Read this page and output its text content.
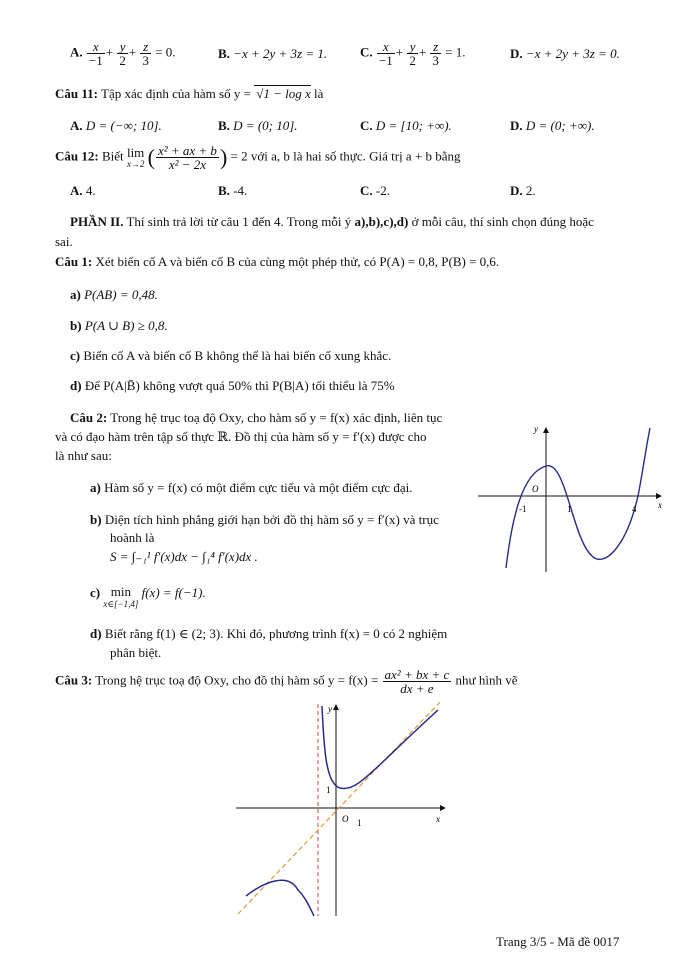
A. $\frac{x}{-1} + \frac{y}{2} + \frac{z}{3} = 0$.	B. −x + 2y + 3z = 1.	C. $\frac{x}{-1} + \frac{y}{2} + \frac{z}{3} = 1$.	D. −x + 2y + 3z = 0.
Câu 11: Tập xác định của hàm số y = √1 − log x là
A. D = (−∞; 10].	B. D = (0; 10].	C. D = [10; +∞).	D. D = (0; +∞).
Câu 12: Biết lim
x→2 ( $\frac{\text{x² + ax + b}}{\text{x² − 2x}}$ ) = 2 với a, b là hai số thực. Giá trị a + b bằng
A. 4.	B. -4.	C. -2.	D. 2.
PHẦN II. Thí sinh trả lời từ câu 1 đến 4. Trong mỗi ý a),b),c),d) ở mỗi câu, thí sinh chọn đúng hoặc
sai.
Câu 1: Xét biến cố A và biến cố B của cùng một phép thử, có P(A) = 0,8, P(B) = 0,6.
a) P(AB) = 0,48.
b) P(A ∪ B) ≥ 0,8.
c) Biến cố A và biến cố B không thể là hai biến cố xung khắc.
d) Để P(A|B̄) không vượt quá 50% thì P(B|A) tối thiểu là 75%
Câu 2: Trong hệ trục toạ độ Oxy, cho hàm số y = f(x) xác định, liên tục
và có đạo hàm trên tập số thực ℝ. Đồ thị của hàm số y = f′(x) được cho
là như sau:
a) Hàm số y = f(x) có một điểm cực tiểu và một điểm cực đại.
b) Diện tích hình phẳng giới hạn bởi đồ thị hàm số y = f′(x) và trục
hoành là
S = ∫₋₁¹ f′(x)dx − ∫₁⁴ f′(x)dx .
c) min
x∈[−1,4]
f(x) = f(−1).
d) Biết rằng f(1) ∈ (2; 3). Khi đó, phương trình f(x) = 0 có 2 nghiệm
phân biệt.
y
x
O
-1	1	4
Câu 3: Trong hệ trục toạ độ Oxy, cho đồ thị hàm số $y = f(x) = \frac{\text{ax² + bx + c}}{dx + e}$ như hình vẽ
y
x
O 1
1
Trang 3/5 - Mã đề 0017
